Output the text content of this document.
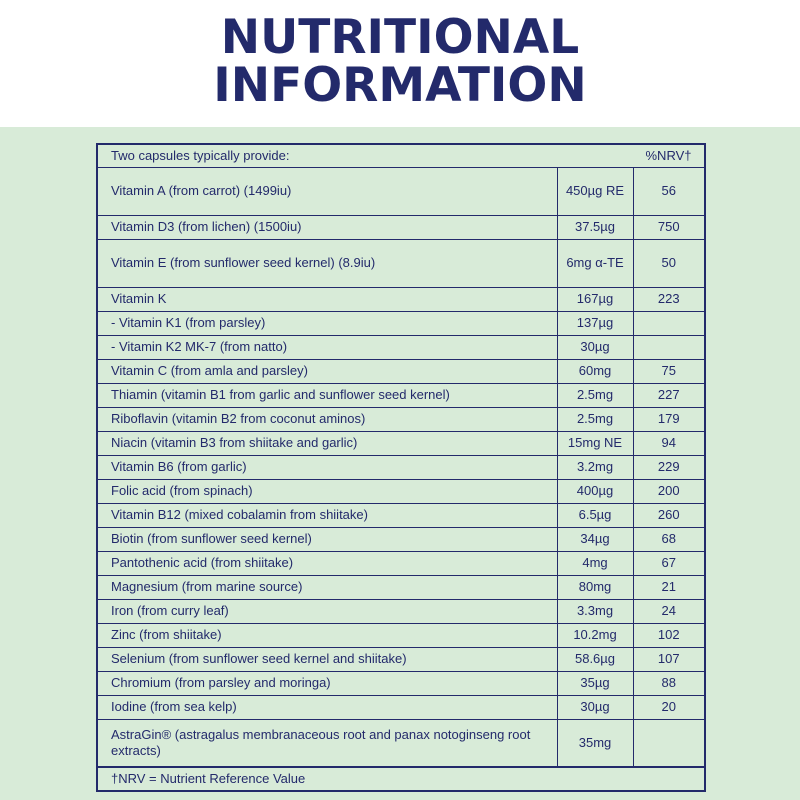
NUTRITIONAL
INFORMATION
Two capsules typically provide:		%NRV†
Vitamin A (from carrot) (1499iu)	450µg RE	56
Vitamin D3 (from lichen) (1500iu)	37.5µg	750
Vitamin E (from sunflower seed kernel) (8.9iu)	6mg α-TE	50
Vitamin K	167µg	223
- Vitamin K1 (from parsley)	137µg	
- Vitamin K2 MK-7 (from natto)	30µg	
Vitamin C (from amla and parsley)	60mg	75
Thiamin (vitamin B1 from garlic and sunflower seed kernel)	2.5mg	227
Riboflavin (vitamin B2 from coconut aminos)	2.5mg	179
Niacin (vitamin B3 from shiitake and garlic)	15mg NE	94
Vitamin B6 (from garlic)	3.2mg	229
Folic acid (from spinach)	400µg	200
Vitamin B12 (mixed cobalamin from shiitake)	6.5µg	260
Biotin (from sunflower seed kernel)	34µg	68
Pantothenic acid (from shiitake)	4mg	67
Magnesium (from marine source)	80mg	21
Iron (from curry leaf)	3.3mg	24
Zinc (from shiitake)	10.2mg	102
Selenium (from sunflower seed kernel and shiitake)	58.6µg	107
Chromium (from parsley and moringa)	35µg	88
Iodine (from sea kelp)	30µg	20
AstraGin® (astragalus membranaceous root and panax notoginseng root extracts)	35mg	
†NRV = Nutrient Reference Value		
